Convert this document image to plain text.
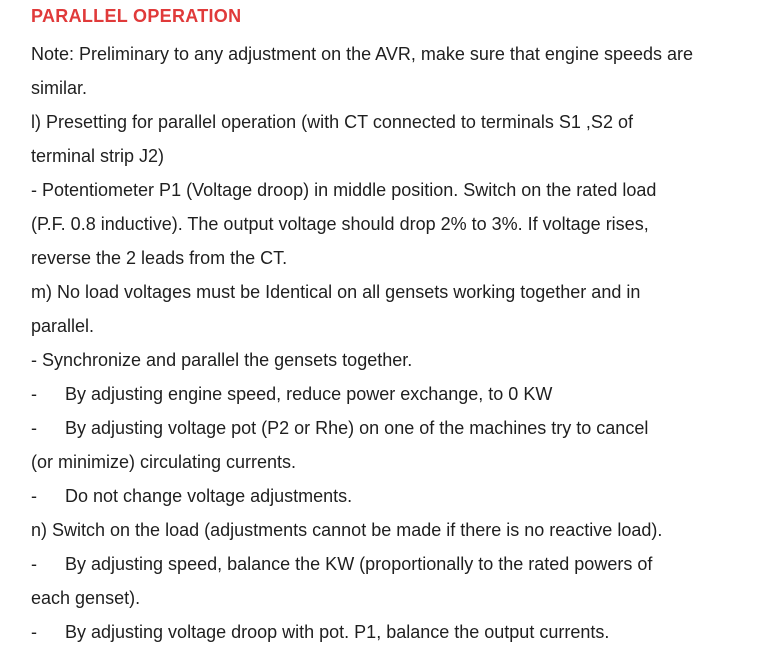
PARALLEL OPERATION
Note: Preliminary to any adjustment on the AVR, make sure that engine speeds are
similar.
l) Presetting for parallel operation (with CT connected to terminals S1 ,S2 of
terminal strip J2)
- Potentiometer P1 (Voltage droop) in middle position. Switch on the rated load
(P.F. 0.8 inductive). The output voltage should drop 2% to 3%. If voltage rises,
reverse the 2 leads from the CT.
m) No load voltages must be Identical on all gensets working together and in
parallel.
- Synchronize and parallel the gensets together.
- By adjusting engine speed, reduce power exchange, to 0 KW
- By adjusting voltage pot (P2 or Rhe) on one of the machines try to cancel
(or minimize) circulating currents.
- Do not change voltage adjustments.
n) Switch on the load (adjustments cannot be made if there is no reactive load).
- By adjusting speed, balance the KW (proportionally to the rated powers of
each genset).
- By adjusting voltage droop with pot. P1, balance the output currents.
